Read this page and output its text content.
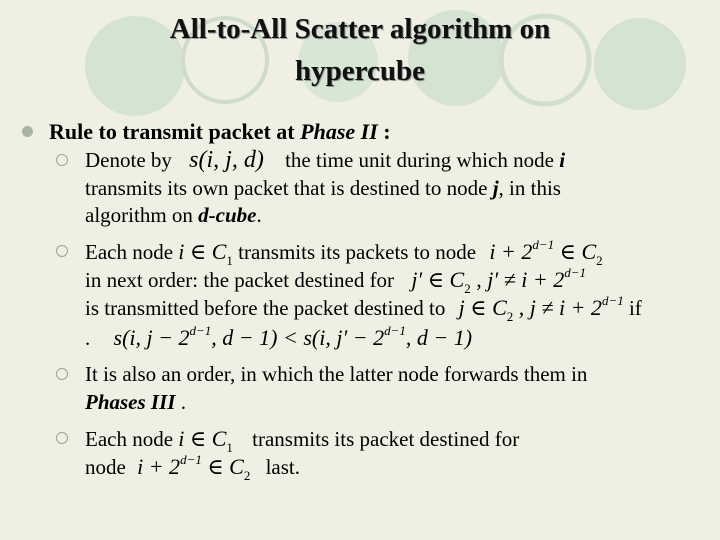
All-to-All Scatter algorithm on
hypercube
Rule to transmit packet at Phase II :
Denote by s(i, j, d) the time unit during which node i
transmits its own packet that is destined to node j, in this
algorithm on d-cube.
Each node i ∈ $C_1$ transmits its packets to node $i + 2^{d-1}$ ∈ $C_2$
in next order: the packet destined for j′ ∈ $C_2$ , $j' \ne i + 2^{d-1}$
is transmitted before the packet destined to j ∈ $C_2$ , $j \ne i + 2^{d-1}$ if
. s(i, $j - 2^{d-1}$, d − 1) < s(i, $j' - 2^{d-1}$, d − 1)
It is also an order, in which the latter node forwards them in
Phases III .
Each node i ∈ $C_1$ transmits its packet destined for
node $i + 2^{d-1}$ ∈ $C_2$ last.
